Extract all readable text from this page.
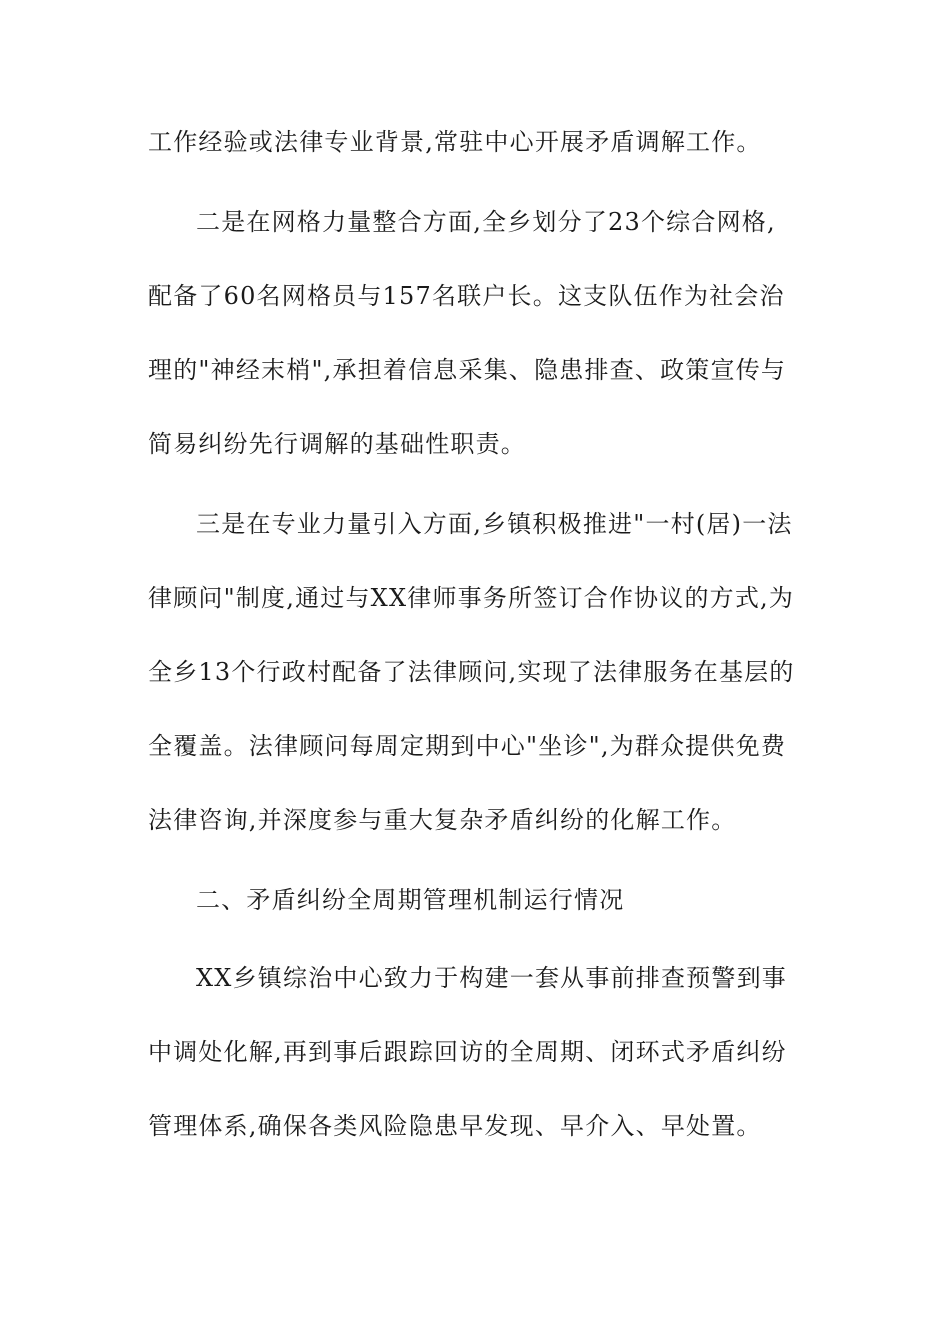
工作经验或法律专业背景,常驻中心开展矛盾调解工作。
二是在网格力量整合方面,全乡划分了23个综合网格,
配备了60名网格员与157名联户长。这支队伍作为社会治
理的"神经末梢",承担着信息采集、隐患排查、政策宣传与
简易纠纷先行调解的基础性职责。
三是在专业力量引入方面,乡镇积极推进"一村(居)一法
律顾问"制度,通过与XX律师事务所签订合作协议的方式,为
全乡13个行政村配备了法律顾问,实现了法律服务在基层的
全覆盖。法律顾问每周定期到中心"坐诊",为群众提供免费
法律咨询,并深度参与重大复杂矛盾纠纷的化解工作。
二、矛盾纠纷全周期管理机制运行情况
XX乡镇综治中心致力于构建一套从事前排查预警到事
中调处化解,再到事后跟踪回访的全周期、闭环式矛盾纠纷
管理体系,确保各类风险隐患早发现、早介入、早处置。
